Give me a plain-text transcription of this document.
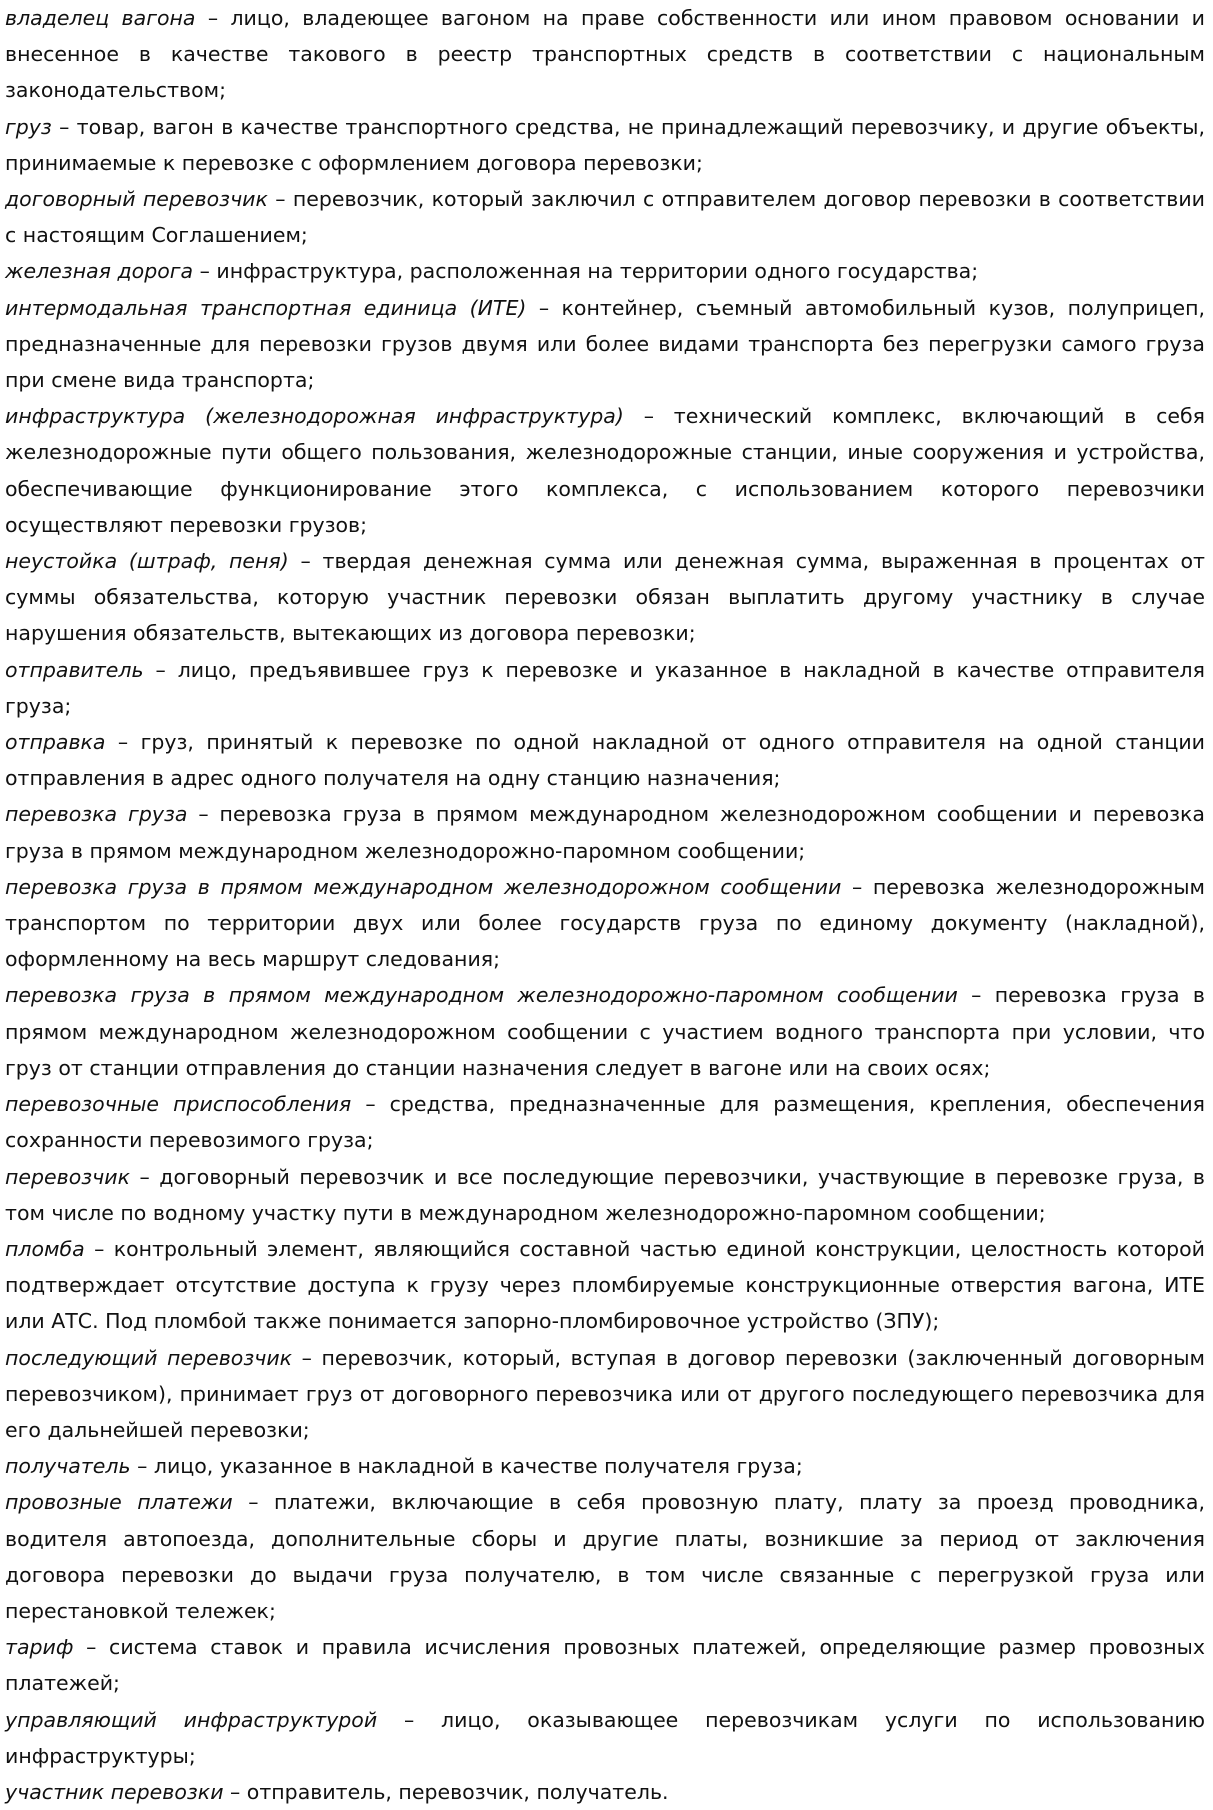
владелец вагона – лицо, владеющее вагоном на праве собственности или ином правовом основании и внесенное в качестве такового в реестр транспортных средств в соответствии с национальным законодательством;

груз – товар, вагон в качестве транспортного средства, не принадлежащий перевозчику, и другие объекты, принимаемые к перевозке с оформлением договора перевозки;

договорный перевозчик – перевозчик, который заключил с отправителем договор перевозки в соответствии с настоящим Соглашением;

железная дорога – инфраструктура, расположенная на территории одного государства;

интермодальная транспортная единица (ИТЕ) – контейнер, съемный автомобильный кузов, полуприцеп, предназначенные для перевозки грузов двумя или более видами транспорта без перегрузки самого груза при смене вида транспорта;

инфраструктура (железнодорожная инфраструктура) – технический комплекс, включающий в себя железнодорожные пути общего пользования, железнодорожные станции, иные сооружения и устройства, обеспечивающие функционирование этого комплекса, с использованием которого перевозчики осуществляют перевозки грузов;

неустойка (штраф, пеня) – твердая денежная сумма или денежная сумма, выраженная в процентах от суммы обязательства, которую участник перевозки обязан выплатить другому участнику в случае нарушения обязательств, вытекающих из договора перевозки;

отправитель – лицо, предъявившее груз к перевозке и указанное в накладной в качестве отправителя груза;

отправка – груз, принятый к перевозке по одной накладной от одного отправителя на одной станции отправления в адрес одного получателя на одну станцию назначения;

перевозка груза – перевозка груза в прямом международном железнодорожном сообщении и перевозка груза в прямом международном железнодорожно-паромном сообщении;

перевозка груза в прямом международном железнодорожном сообщении – перевозка железнодорожным транспортом по территории двух или более государств груза по единому документу (накладной), оформленному на весь маршрут следования;

перевозка груза в прямом международном железнодорожно-паромном сообщении – перевозка груза в прямом международном железнодорожном сообщении с участием водного транспорта при условии, что груз от станции отправления до станции назначения следует в вагоне или на своих осях;

перевозочные приспособления – средства, предназначенные для размещения, крепления, обеспечения сохранности перевозимого груза;

перевозчик – договорный перевозчик и все последующие перевозчики, участвующие в перевозке груза, в том числе по водному участку пути в международном железнодорожно-паромном сообщении;

пломба – контрольный элемент, являющийся составной частью единой конструкции, целостность которой подтверждает отсутствие доступа к грузу через пломбируемые конструкционные отверстия вагона, ИТЕ или АТС. Под пломбой также понимается запорно-пломбировочное устройство (ЗПУ);

последующий перевозчик – перевозчик, который, вступая в договор перевозки (заключенный договорным перевозчиком), принимает груз от договорного перевозчика или от другого последующего перевозчика для его дальнейшей перевозки;

получатель – лицо, указанное в накладной в качестве получателя груза;

провозные платежи – платежи, включающие в себя провозную плату, плату за проезд проводника, водителя автопоезда, дополнительные сборы и другие платы, возникшие за период от заключения договора перевозки до выдачи груза получателю, в том числе связанные с перегрузкой груза или перестановкой тележек;

тариф – система ставок и правила исчисления провозных платежей, определяющие размер провозных платежей;

управляющий инфраструктурой – лицо, оказывающее перевозчикам услуги по использованию инфраструктуры;

участник перевозки – отправитель, перевозчик, получатель.
